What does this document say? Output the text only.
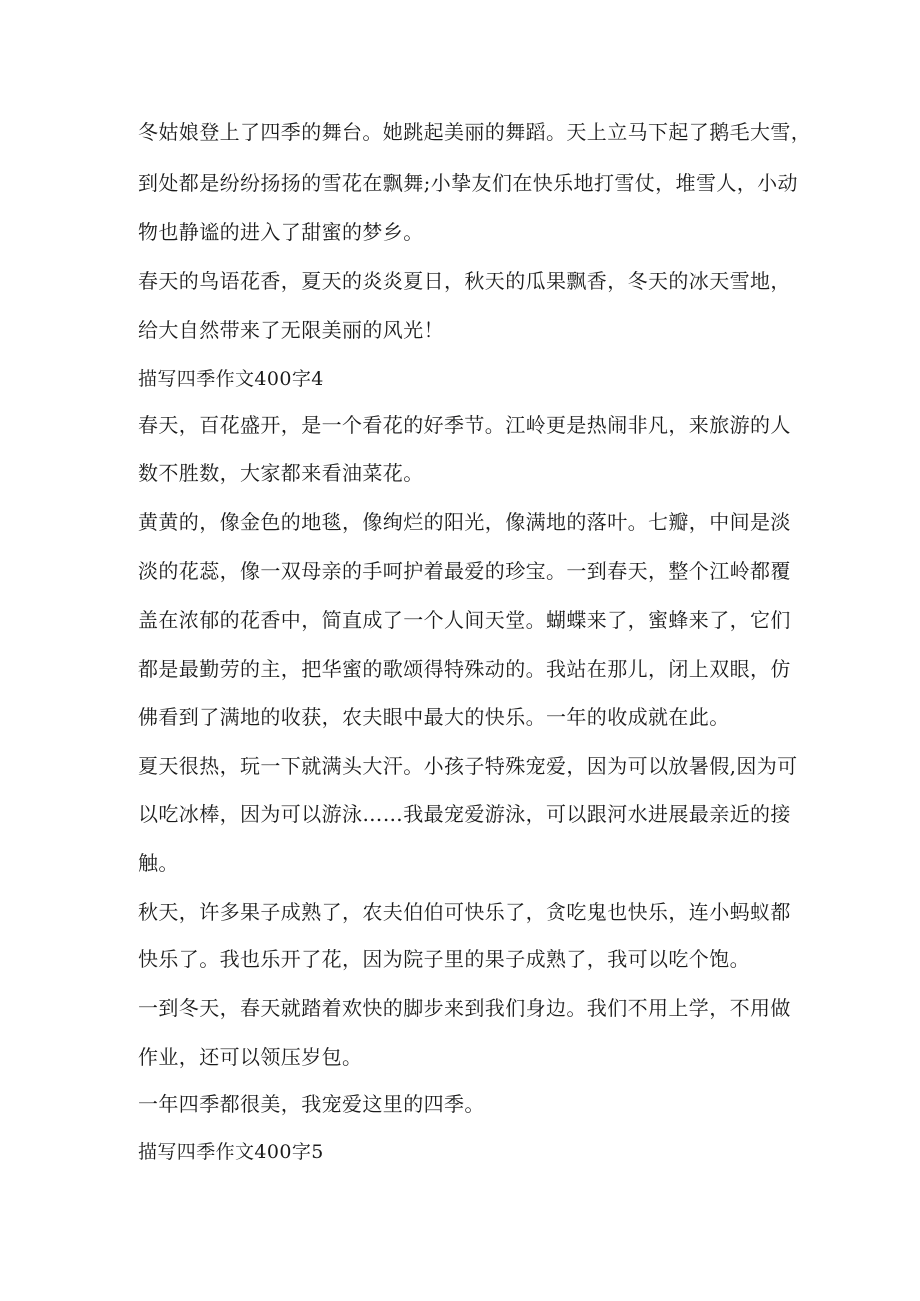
冬姑娘登上了四季的舞台。她跳起美丽的舞蹈。天上立马下起了鹅毛大雪，
到处都是纷纷扬扬的雪花在飘舞;小挚友们在快乐地打雪仗，堆雪人，小动
物也静谧的进入了甜蜜的梦乡。
春天的鸟语花香，夏天的炎炎夏日，秋天的瓜果飘香，冬天的冰天雪地，
给大自然带来了无限美丽的风光！
描写四季作文400字4
春天，百花盛开，是一个看花的好季节。江岭更是热闹非凡，来旅游的人
数不胜数，大家都来看油菜花。
黄黄的，像金色的地毯，像绚烂的阳光，像满地的落叶。七瓣，中间是淡
淡的花蕊，像一双母亲的手呵护着最爱的珍宝。一到春天，整个江岭都覆
盖在浓郁的花香中，简直成了一个人间天堂。蝴蝶来了，蜜蜂来了，它们
都是最勤劳的主，把华蜜的歌颂得特殊动的。我站在那儿，闭上双眼，仿
佛看到了满地的收获，农夫眼中最大的快乐。一年的收成就在此。
夏天很热，玩一下就满头大汗。小孩子特殊宠爱，因为可以放暑假,因为可
以吃冰棒，因为可以游泳……我最宠爱游泳，可以跟河水进展最亲近的接
触。
秋天，许多果子成熟了，农夫伯伯可快乐了，贪吃鬼也快乐，连小蚂蚁都
快乐了。我也乐开了花，因为院子里的果子成熟了，我可以吃个饱。
一到冬天，春天就踏着欢快的脚步来到我们身边。我们不用上学，不用做
作业，还可以领压岁包。
一年四季都很美，我宠爱这里的四季。
描写四季作文400字5
